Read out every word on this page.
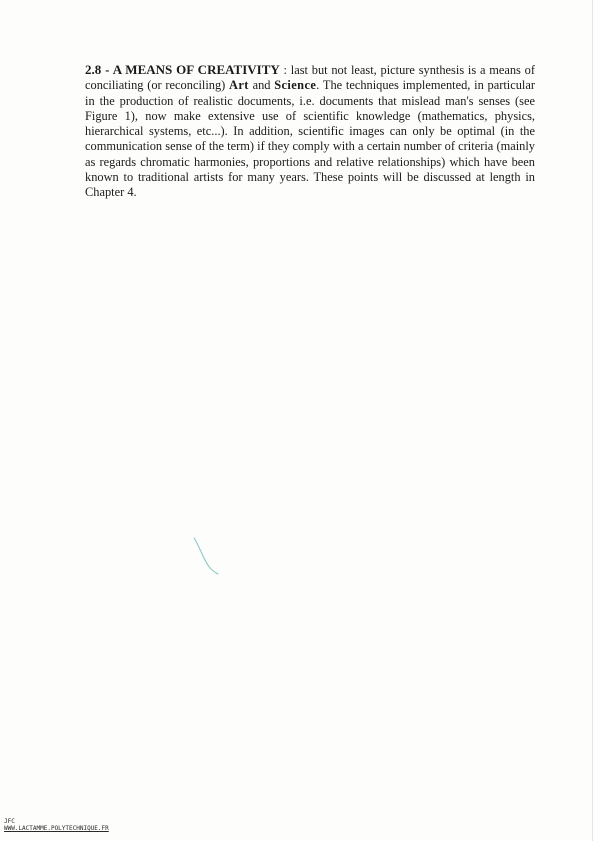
2.8 - A MEANS OF CREATIVITY : last but not least, picture synthesis is a means of conciliating (or reconciling) Art and Science. The techniques implemented, in particular in the production of realistic documents, i.e. documents that mislead man's senses (see Figure 1), now make extensive use of scientific knowledge (mathematics, physics, hierarchical systems, etc...). In addition, scientific images can only be optimal (in the communication sense of the term) if they comply with a certain number of criteria (mainly as regards chromatic harmonies, proportions and relative relationships) which have been known to traditional artists for many years. These points will be discussed at length in Chapter 4.

JFC
WWW.LACTAMME.POLYTECHNIQUE.FR
